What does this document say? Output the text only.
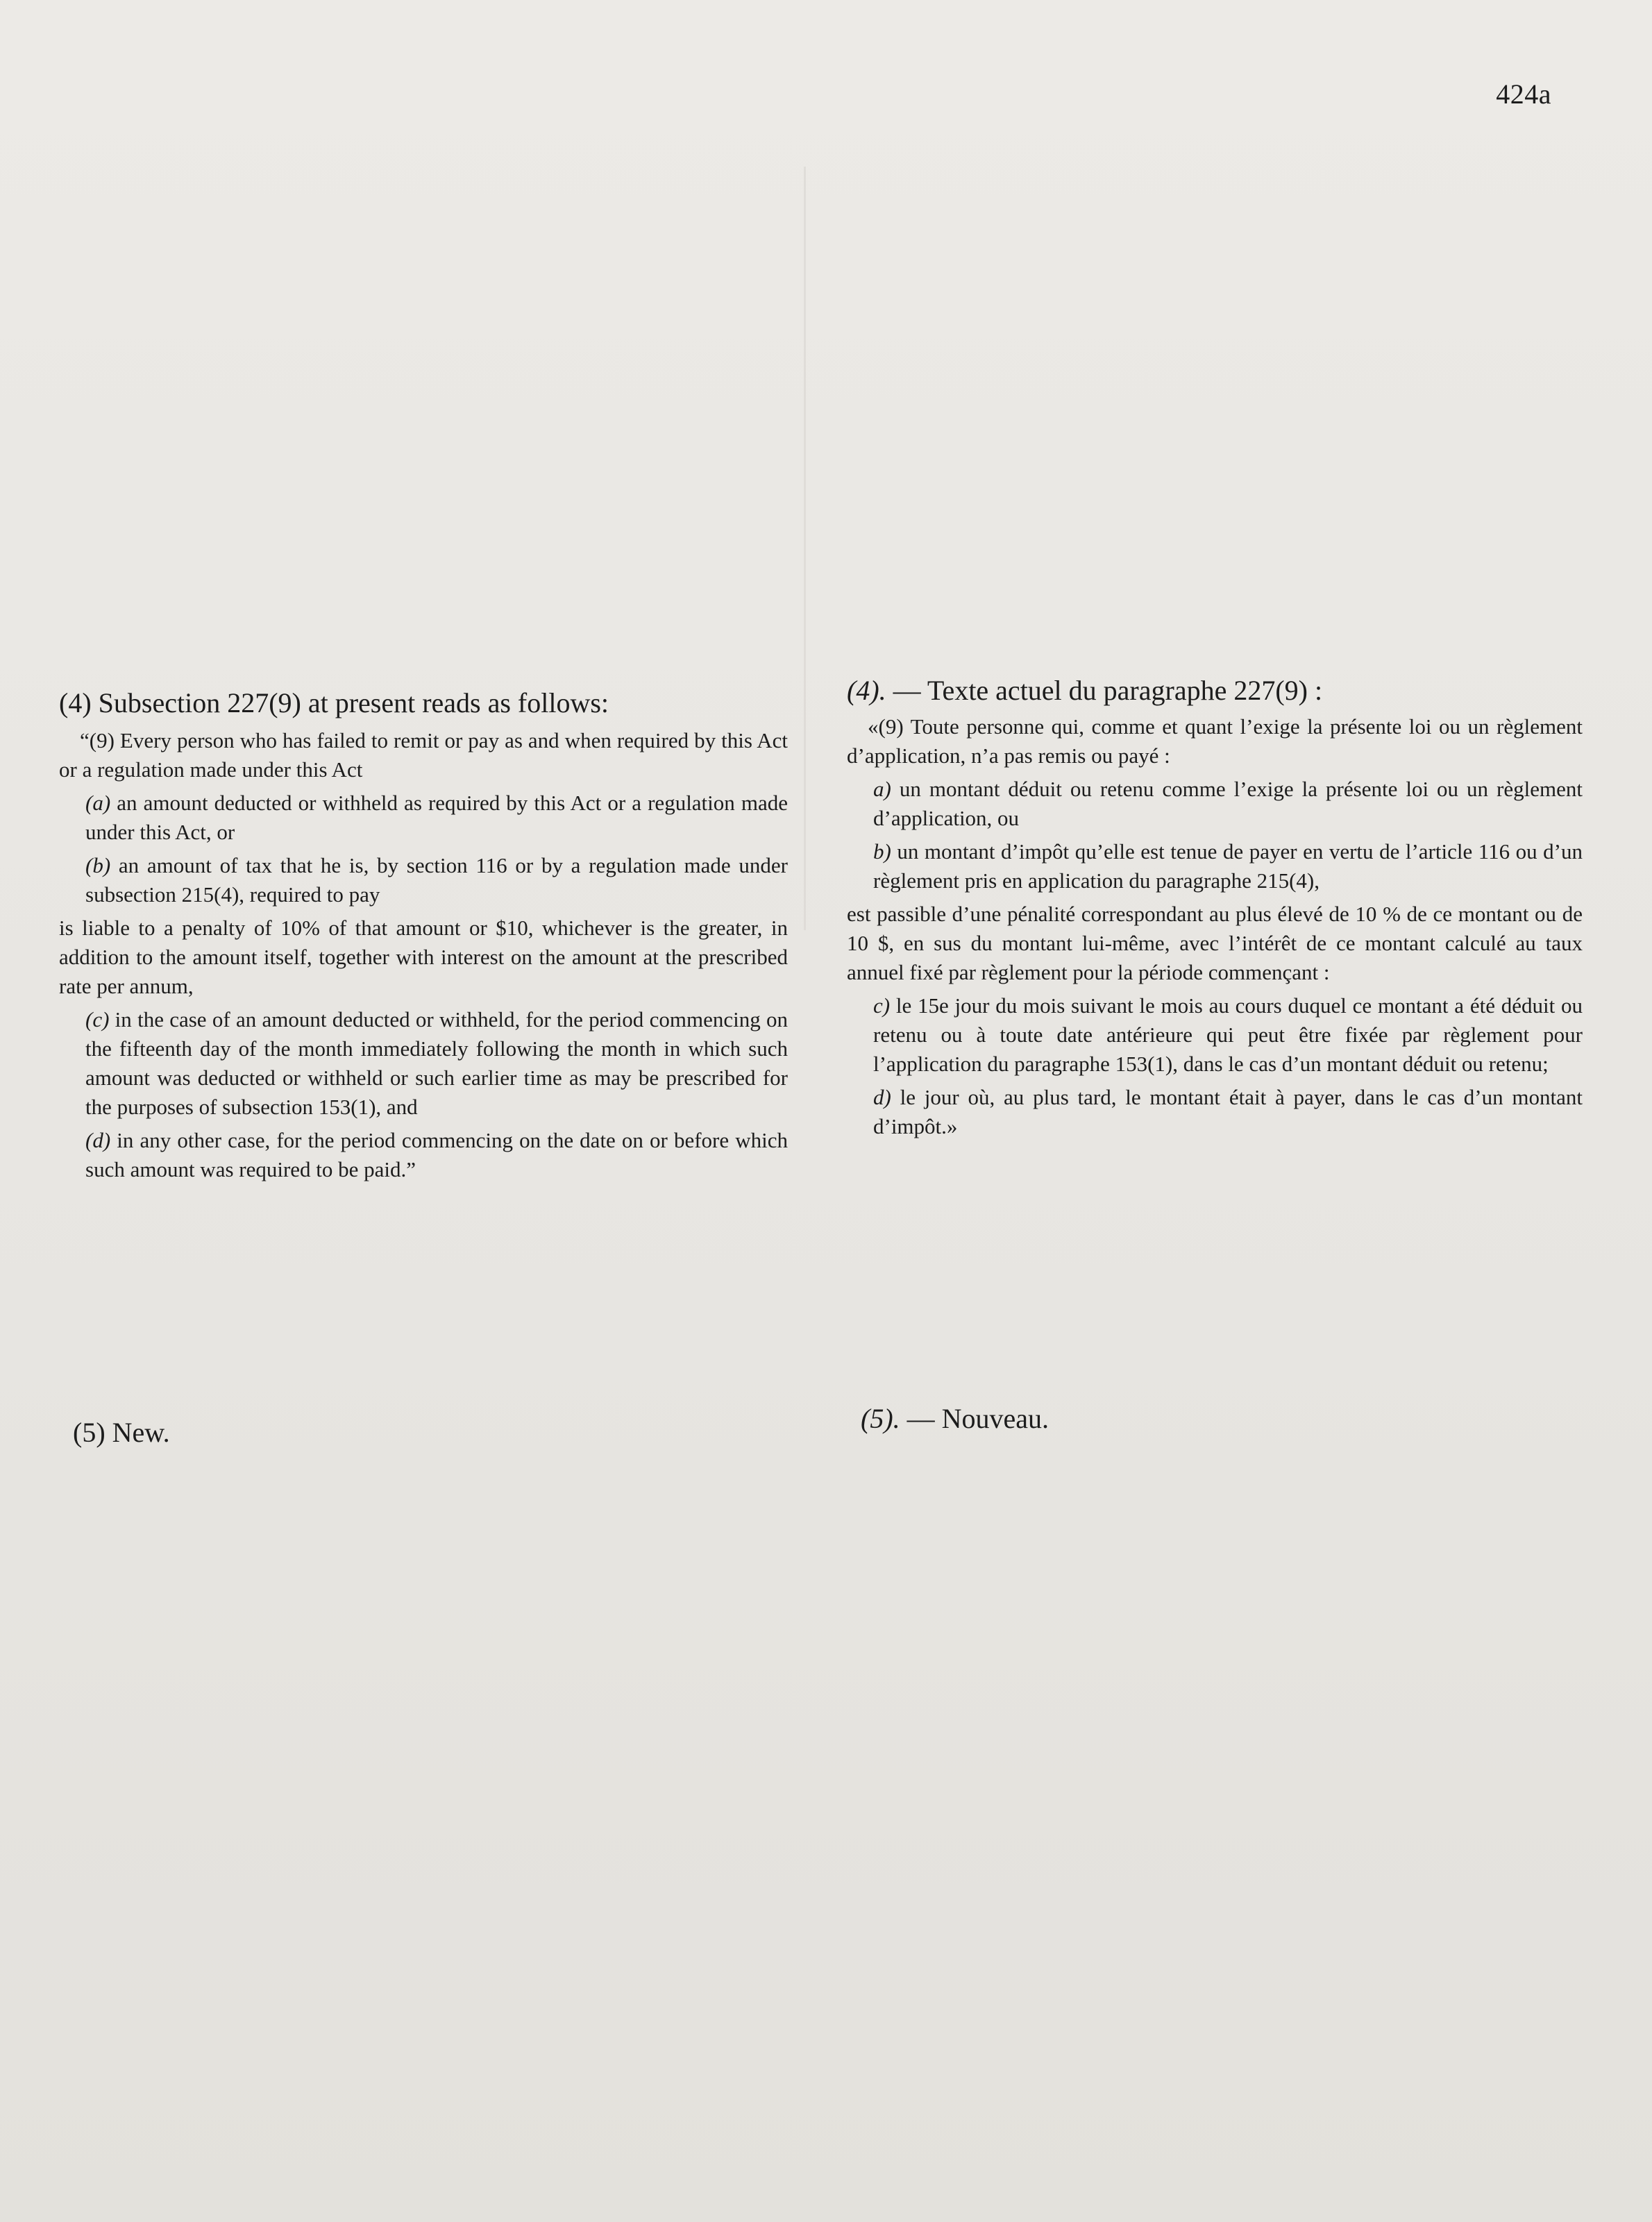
424a
(4) Subsection 227(9) at present reads as follows:

“(9) Every person who has failed to remit or pay as and when required by this Act or a regulation made under this Act

(a) an amount deducted or withheld as required by this Act or a regulation made under this Act, or

(b) an amount of tax that he is, by section 116 or by a regulation made under subsection 215(4), required to pay

is liable to a penalty of 10% of that amount or $10, whichever is the greater, in addition to the amount itself, together with interest on the amount at the prescribed rate per annum,

(c) in the case of an amount deducted or withheld, for the period commencing on the fifteenth day of the month immediately following the month in which such amount was deducted or withheld or such earlier time as may be prescribed for the purposes of subsection 153(1), and

(d) in any other case, for the period commencing on the date on or before which such amount was required to be paid.”

(4). — Texte actuel du paragraphe 227(9) :

«(9) Toute personne qui, comme et quant l’exige la présente loi ou un règlement d’application, n’a pas remis ou payé :

a) un montant déduit ou retenu comme l’exige la présente loi ou un règlement d’application, ou

b) un montant d’impôt qu’elle est tenue de payer en vertu de l’article 116 ou d’un règlement pris en application du paragraphe 215(4),

est passible d’une pénalité correspondant au plus élevé de 10 % de ce montant ou de 10 $, en sus du montant lui-même, avec l’intérêt de ce montant calculé au taux annuel fixé par règlement pour la période commençant :

c) le 15e jour du mois suivant le mois au cours duquel ce montant a été déduit ou retenu ou à toute date antérieure qui peut être fixée par règlement pour l’application du paragraphe 153(1), dans le cas d’un montant déduit ou retenu;

d) le jour où, au plus tard, le montant était à payer, dans le cas d’un montant d’impôt.»

(5) New.	(5). — Nouveau.
